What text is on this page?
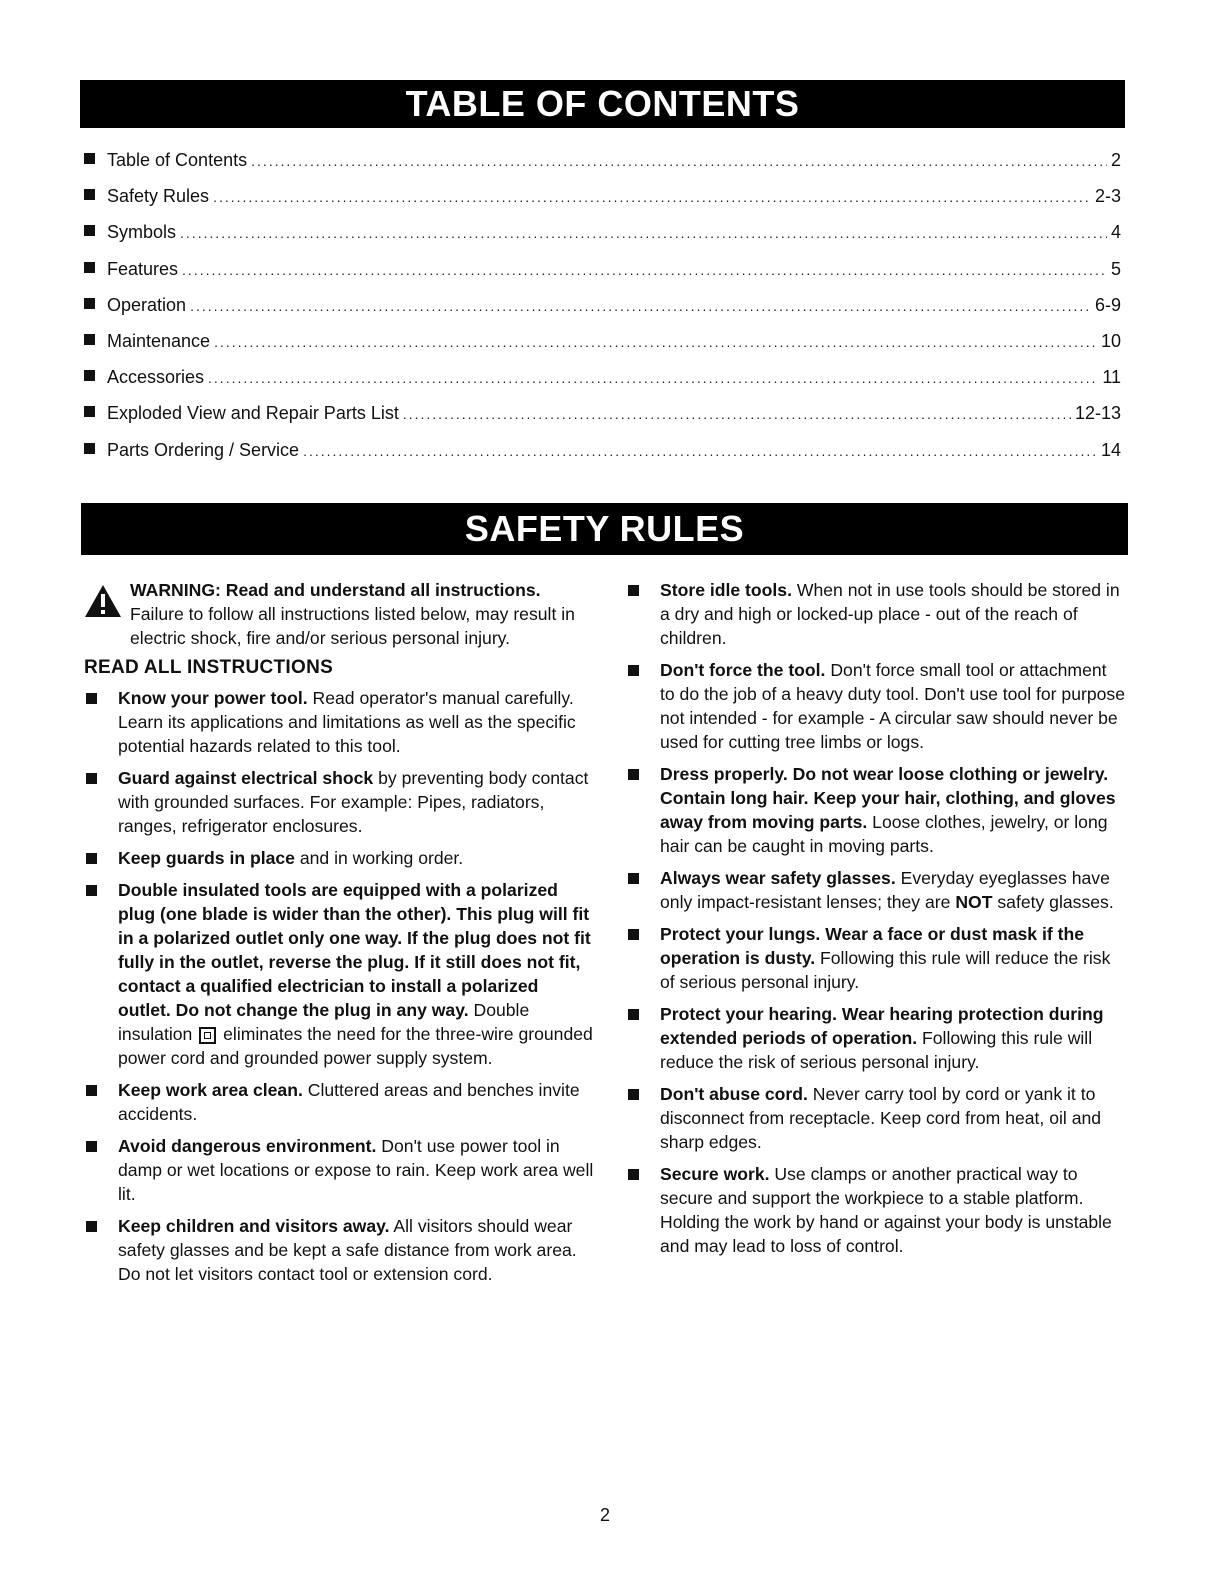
TABLE OF CONTENTS
Table of Contents .....	2
Safety Rules .....	2-3
Symbols .....	4
Features .....	5
Operation .....	6-9
Maintenance .....	10
Accessories .....	11
Exploded View and Repair Parts List .....	12-13
Parts Ordering / Service .....	14
SAFETY RULES
WARNING: Read and understand all instructions. Failure to follow all instructions listed below, may result in electric shock, fire and/or serious personal injury.
READ ALL INSTRUCTIONS
Know your power tool. Read operator's manual carefully. Learn its applications and limitations as well as the specific potential hazards related to this tool.
Guard against electrical shock by preventing body contact with grounded surfaces. For example: Pipes, radiators, ranges, refrigerator enclosures.
Keep guards in place and in working order.
Double insulated tools are equipped with a polarized plug (one blade is wider than the other). This plug will fit in a polarized outlet only one way. If the plug does not fit fully in the outlet, reverse the plug. If it still does not fit, contact a qualified electrician to install a polarized outlet. Do not change the plug in any way. Double insulation  eliminates the need for the three-wire grounded power cord and grounded power supply system.
Keep work area clean. Cluttered areas and benches invite accidents.
Avoid dangerous environment. Don't use power tool in damp or wet locations or expose to rain. Keep work area well lit.
Keep children and visitors away. All visitors should wear safety glasses and be kept a safe distance from work area. Do not let visitors contact tool or extension cord.
Store idle tools. When not in use tools should be stored in a dry and high or locked-up place - out of the reach of children.
Don't force the tool. Don't force small tool or attachment to do the job of a heavy duty tool. Don't use tool for purpose not intended - for example - A circular saw should never be used for cutting tree limbs or logs.
Dress properly. Do not wear loose clothing or jewelry. Contain long hair. Keep your hair, clothing, and gloves away from moving parts. Loose clothes, jewelry, or long hair can be caught in moving parts.
Always wear safety glasses. Everyday eyeglasses have only impact-resistant lenses; they are NOT safety glasses.
Protect your lungs. Wear a face or dust mask if the operation is dusty. Following this rule will reduce the risk of serious personal injury.
Protect your hearing. Wear hearing protection during extended periods of operation. Following this rule will reduce the risk of serious personal injury.
Don't abuse cord. Never carry tool by cord or yank it to disconnect from receptacle. Keep cord from heat, oil and sharp edges.
Secure work. Use clamps or another practical way to secure and support the workpiece to a stable platform. Holding the work by hand or against your body is unstable and may lead to loss of control.
2
